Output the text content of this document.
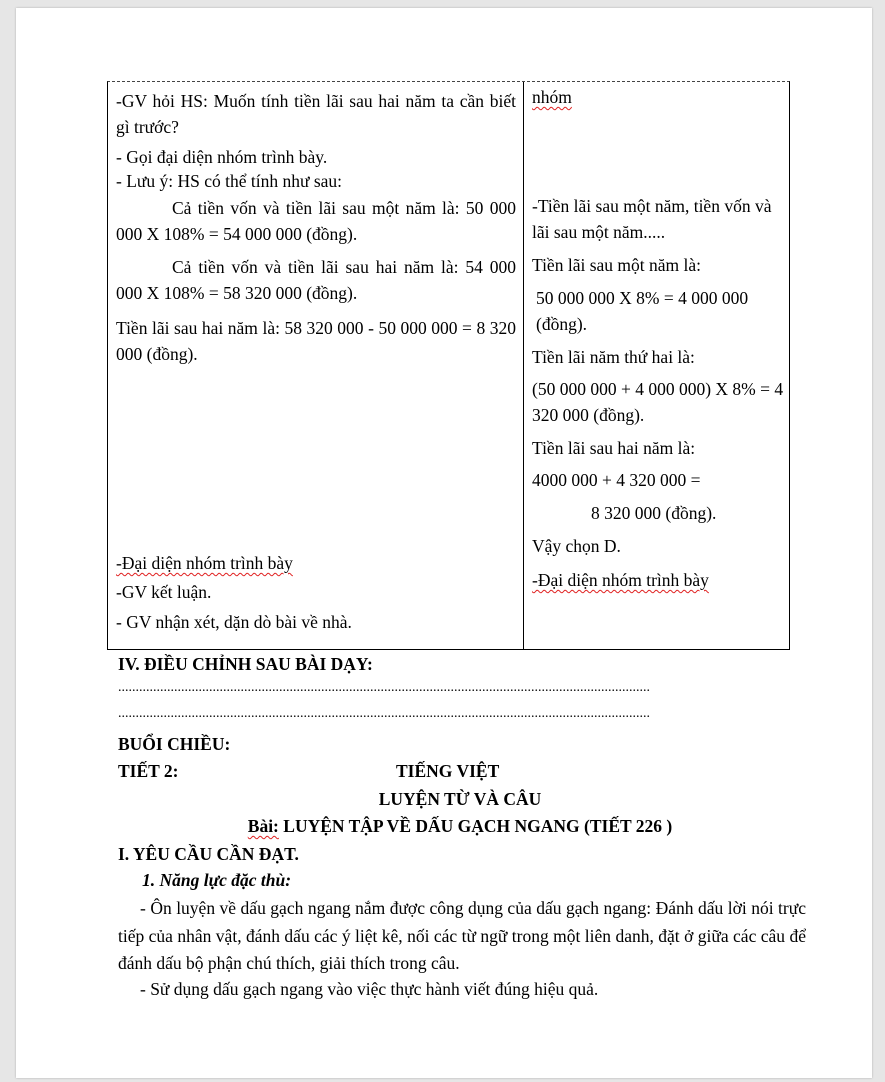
-GV hỏi HS: Muốn tính tiền lãi sau hai năm ta cần biết gì trước?
- Gọi đại diện nhóm trình bày.
- Lưu ý: HS có thể tính như sau:
Cả tiền vốn và tiền lãi sau một năm là: 50 000 000 X 108% = 54 000 000 (đồng).
Cả tiền vốn và tiền lãi sau hai năm là: 54 000 000 X 108% = 58 320 000 (đồng).
Tiền lãi sau hai năm là: 58 320 000 - 50 000 000 = 8 320 000 (đồng).
-Đại diện nhóm trình bày
-GV kết luận.
- GV nhận xét, dặn dò bài về nhà.
nhóm
-Tiền lãi sau một năm, tiền vốn và lãi sau một năm.....
Tiền lãi sau một năm là:
50 000 000 X 8% = 4 000 000 (đồng).
Tiền lãi năm thứ hai là:
(50 000 000 + 4 000 000) X 8% = 4 320 000 (đồng).
Tiền lãi sau hai năm là:
4000 000 + 4 320 000 =
8 320 000 (đồng).
Vậy chọn D.
-Đại diện nhóm trình bày
IV. ĐIỀU CHỈNH SAU BÀI DẠY:
........................................................................................................................................................
........................................................................................................................................................
BUỔI CHIỀU:
TIẾT 2:	TIẾNG VIỆT
LUYỆN TỪ VÀ CÂU
Bài: LUYỆN TẬP VỀ DẤU GẠCH NGANG (TIẾT 226 )
I. YÊU CẦU CẦN ĐẠT.
1. Năng lực đặc thù:
- Ôn luyện về dấu gạch ngang nắm được công dụng của dấu gạch ngang: Đánh dấu lời nói trực tiếp của nhân vật, đánh dấu các ý liệt kê, nối các từ ngữ trong một liên danh, đặt ở giữa các câu để đánh dấu bộ phận chú thích, giải thích trong câu.
- Sử dụng dấu gạch ngang vào việc thực hành viết đúng hiệu quả.
